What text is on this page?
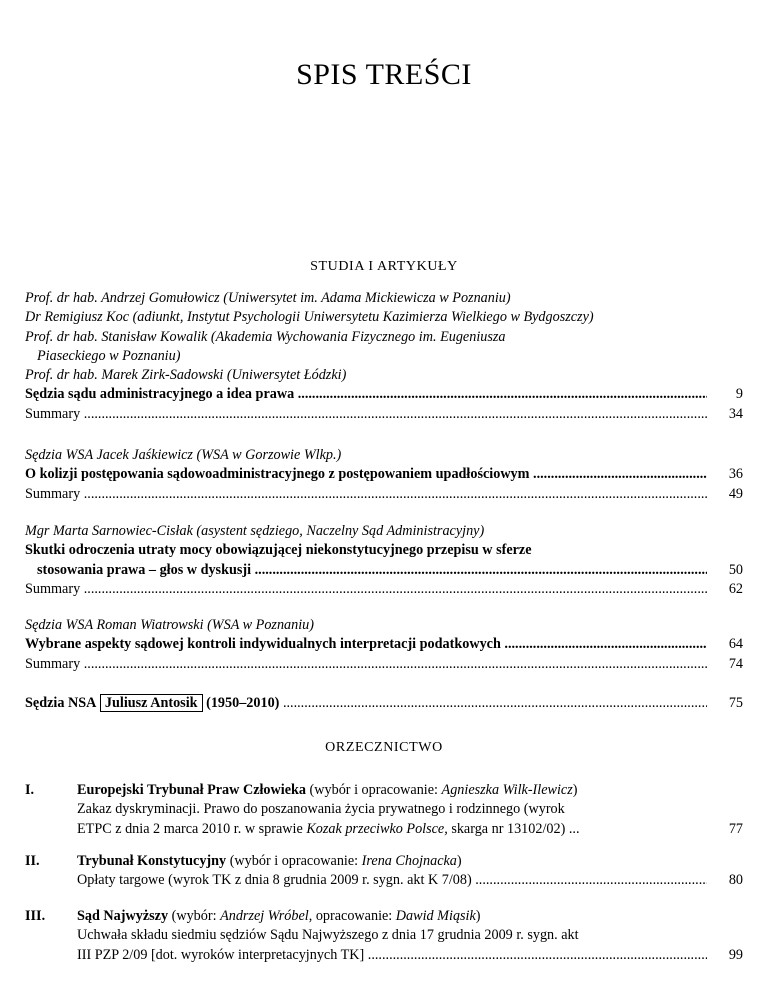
SPIS TREŚCI
STUDIA I ARTYKUŁY
Prof. dr hab. Andrzej Gomułowicz (Uniwersytet im. Adama Mickiewicza w Poznaniu)
Dr Remigiusz Koc (adiunkt, Instytut Psychologii Uniwersytetu Kazimierza Wielkiego w Bydgoszczy)
Prof. dr hab. Stanisław Kowalik (Akademia Wychowania Fizycznego im. Eugeniusza
Piaseckiego w Poznaniu)
Prof. dr hab. Marek Zirk-Sadowski (Uniwersytet Łódzki)
Sędzia sądu administracyjnego a idea prawa .....	9
Summary .....	34
Sędzia WSA Jacek Jaśkiewicz (WSA w Gorzowie Wlkp.)
O kolizji postępowania sądowoadministracyjnego z postępowaniem upadłościowym .....	36
Summary .....	49
Mgr Marta Sarnowiec-Cisłak (asystent sędziego, Naczelny Sąd Administracyjny)
Skutki odroczenia utraty mocy obowiązującej niekonstytucyjnego przepisu w sferze
stosowania prawa – głos w dyskusji .....	50
Summary .....	62
Sędzia WSA Roman Wiatrowski (WSA w Poznaniu)
Wybrane aspekty sądowej kontroli indywidualnych interpretacji podatkowych .....	64
Summary .....	74
Sędzia NSA Juliusz Antosik (1950–2010) .....	75
ORZECZNICTWO
I.	Europejski Trybunał Praw Człowieka (wybór i opracowanie: Agnieszka Wilk-Ilewicz)
Zakaz dyskryminacji. Prawo do poszanowania życia prywatnego i rodzinnego (wyrok
ETPC z dnia 2 marca 2010 r. w sprawie Kozak przeciwko Polsce, skarga nr 13102/02) ...	77
II.	Trybunał Konstytucyjny (wybór i opracowanie: Irena Chojnacka)
Opłaty targowe (wyrok TK z dnia 8 grudnia 2009 r. sygn. akt K 7/08) .....	80
III.	Sąd Najwyższy (wybór: Andrzej Wróbel, opracowanie: Dawid Miąsik)
Uchwała składu siedmiu sędziów Sądu Najwyższego z dnia 17 grudnia 2009 r. sygn. akt
III PZP 2/09 [dot. wyroków interpretacyjnych TK] .....	99
